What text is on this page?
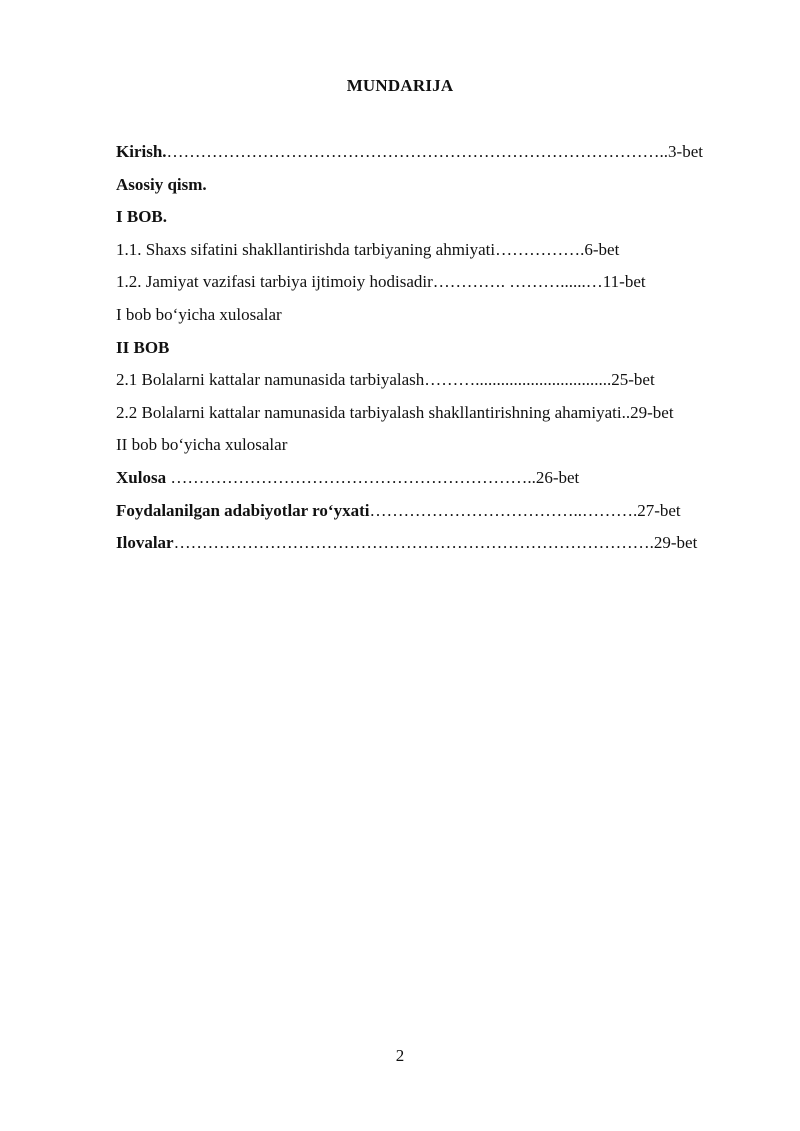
MUNDARIJA
Kirish.……………………………………………………………………………..3-bet
Asosiy qism.
I BOB.
1.1. Shaxs sifatini shakllantirishda tarbiyaning ahmiyati…………….6-bet
1.2. Jamiyat vazifasi tarbiya ijtimoiy hodisadir…………. ………......…11-bet
I bob bo‘yicha xulosalar
II BOB
2.1 Bolalarni kattalar namunasida tarbiyalash………................................25-bet
2.2 Bolalarni kattalar namunasida tarbiyalash shakllantirishning ahamiyati..29-bet
II bob bo‘yicha xulosalar
Xulosa ………………………………………………………..26-bet
Foydalanilgan adabiyotlar ro‘yxati………………………………..……….27-bet
Ilovalar………………………………………………………………………….29-bet
2
